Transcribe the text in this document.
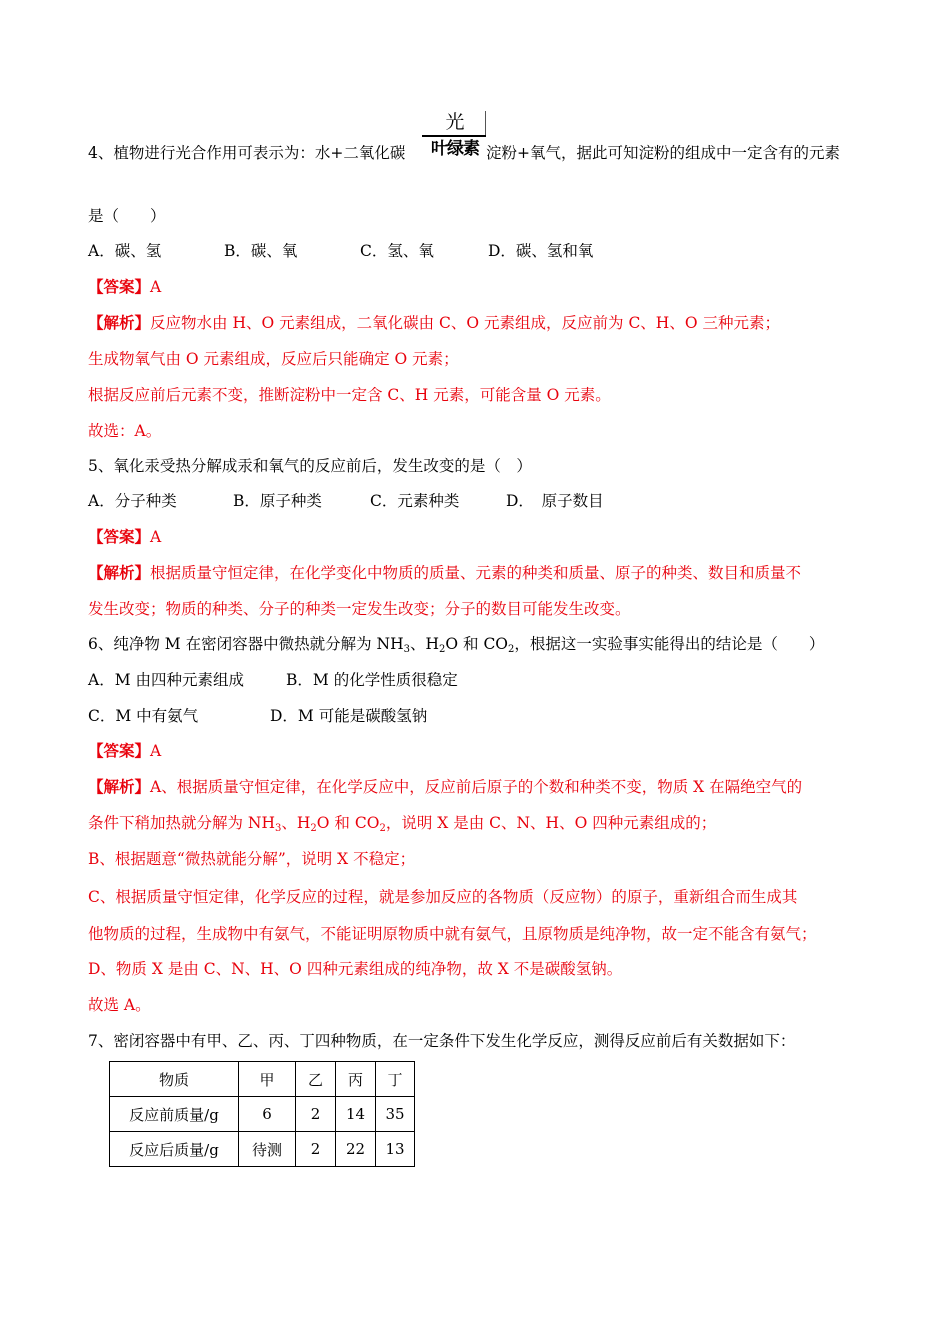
4、植物进行光合作用可表示为：水+二氧化碳
光
叶绿素 淀粉+氧气，据此可知淀粉的组成中一定含有的元素
是（　　）
A．碳、氢	B．碳、氧	C．氢、氧	D．碳、氢和氧
【答案】A
【解析】反应物水由 H、O 元素组成，二氧化碳由 C、O 元素组成，反应前为 C、H、O 三种元素；
生成物氧气由 O 元素组成，反应后只能确定 O 元素；
根据反应前后元素不变，推断淀粉中一定含 C、H 元素，可能含量 O 元素。
故选：A。
5、氧化汞受热分解成汞和氧气的反应前后，发生改变的是（　）
A．分子种类	B．原子种类	C．元素种类	D．　原子数目
【答案】A
【解析】根据质量守恒定律，在化学变化中物质的质量、元素的种类和质量、原子的种类、数目和质量不
发生改变；物质的种类、分子的种类一定发生改变；分子的数目可能发生改变。
6、纯净物 M 在密闭容器中微热就分解为 $NH_3$、$H_2O$ 和 $CO_2$，根据这一实验事实能得出的结论是（　　）
A．M 由四种元素组成	B．M 的化学性质很稳定
C．M 中有氨气	D．M 可能是碳酸氢钠
【答案】A
【解析】A、根据质量守恒定律，在化学反应中，反应前后原子的个数和种类不变，物质 X 在隔绝空气的
条件下稍加热就分解为 $NH_3$、$H_2O$ 和 $CO_2$，说明 X 是由 C、N、H、O 四种元素组成的；
B、根据题意“微热就能分解”，说明 X 不稳定；
C、根据质量守恒定律，化学反应的过程，就是参加反应的各物质（反应物）的原子，重新组合而生成其
他物质的过程，生成物中有氨气，不能证明原物质中就有氨气，且原物质是纯净物，故一定不能含有氨气；
D、物质 X 是由 C、N、H、O 四种元素组成的纯净物，故 X 不是碳酸氢钠。
故选 A。
7、密闭容器中有甲、乙、丙、丁四种物质，在一定条件下发生化学反应，测得反应前后有关数据如下：
物质	甲	乙	丙	丁
反应前质量/g	6	2	14	35
反应后质量/g	待测	2	22	13
